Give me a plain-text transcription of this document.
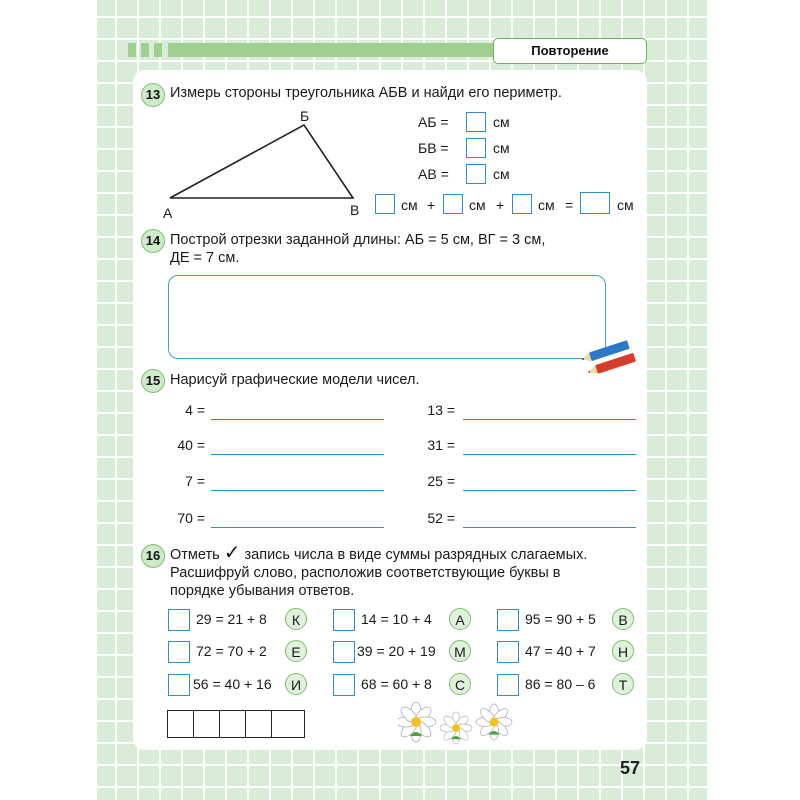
Повторение
13 Измерь стороны треугольника АБВ и найди его периметр.
А
Б
В
АБ =	см
БВ =	см
АВ =	см
см + см + см =	см
14 Построй отрезки заданной длины: АБ = 5 см, ВГ = 3 см,
ДЕ = 7 см.
15 Нарисуй графические модели чисел.
4 =
40 =
7 =
70 =
13 =
31 =
25 =
52 =
16 Отметь ✓ запись числа в виде суммы разрядных слагаемых.
Расшифруй слово, расположив соответствующие буквы в
порядке убывания ответов.
29 = 21 + 8	К
72 = 70 + 2	Е
56 = 40 + 16	И
14 = 10 + 4	А
39 = 20 + 19	М
68 = 60 + 8	С
95 = 90 + 5	В
47 = 40 + 7	Н
86 = 80 – 6	Т
57
